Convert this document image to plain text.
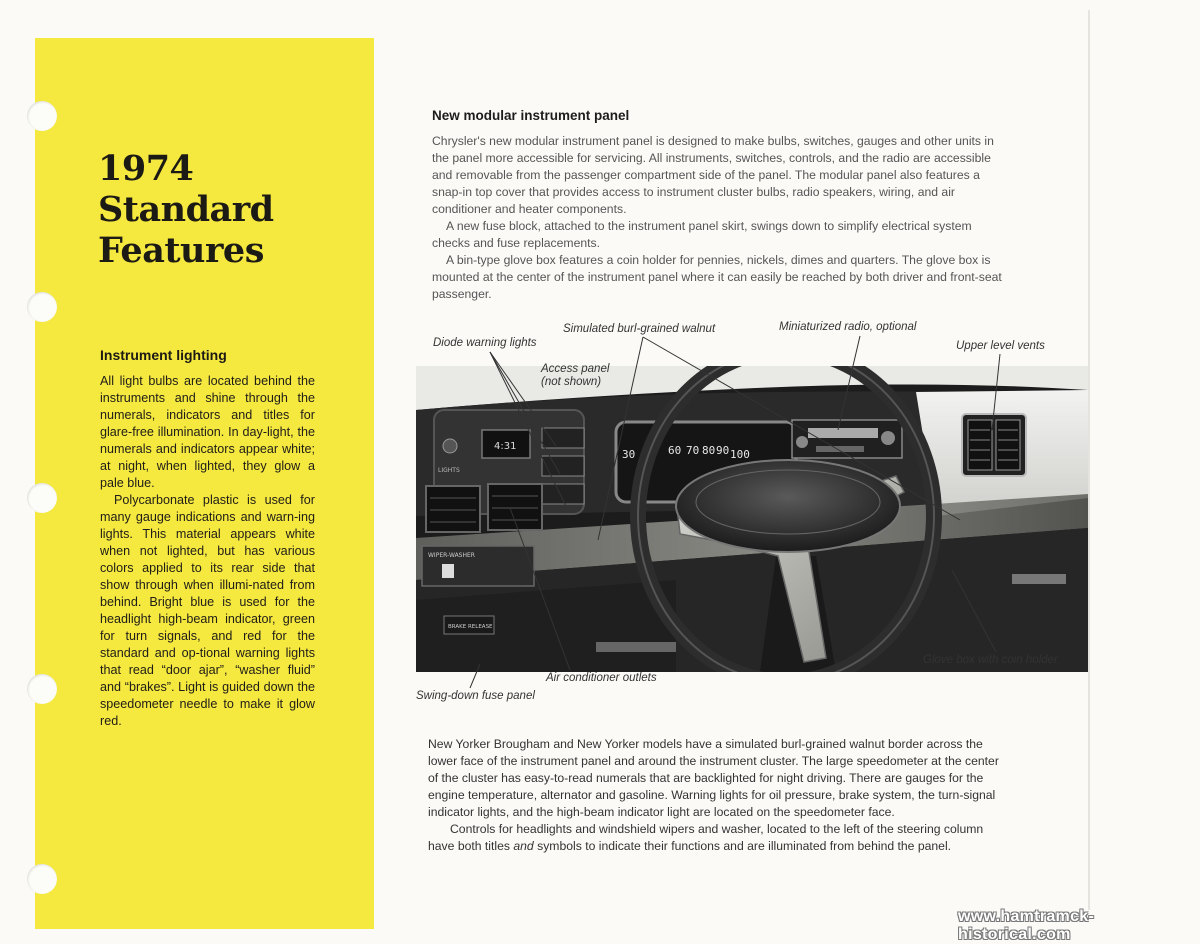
1974
Standard
Features
Instrument lighting

All light bulbs are located behind the instruments and shine through the numerals, indicators and titles for glare-free illumination. In day-light, the numerals and indicators appear white; at night, when lighted, they glow a pale blue.

Polycarbonate plastic is used for many gauge indications and warn-ing lights. This material appears white when not lighted, but has various colors applied to its rear side that show through when illumi-nated from behind. Bright blue is used for the headlight high-beam indicator, green for turn signals, and red for the standard and op-tional warning lights that read “door ajar”, “washer fluid” and “brakes”. Light is guided down the speedometer needle to make it glow red.

New modular instrument panel

Chrysler's new modular instrument panel is designed to make bulbs, switches, gauges and other units in the panel more accessible for servicing. All instruments, switches, controls, and the radio are accessible and removable from the passenger compartment side of the panel. The modular panel also features a snap-in top cover that provides access to instrument cluster bulbs, radio speakers, wiring, and air conditioner and heater components.

A new fuse block, attached to the instrument panel skirt, swings down to simplify electrical system checks and fuse replacements.

A bin-type glove box features a coin holder for pennies, nickels, dimes and quarters. The glove box is mounted at the center of the instrument panel where it can easily be reached by both driver and front-seat passenger.

4:31
LIGHTS
WIPER-WASHER
BRAKE RELEASE
30	60 70 80 90 100
Simulated burl-grained walnut	Miniaturized radio, optional
Diode warning lights	Upper level vents
Access panel
(not shown)
Glove box with coin holder
Air conditioner outlets
Swing-down fuse panel

New Yorker Brougham and New Yorker models have a simulated burl-grained walnut border across the lower face of the instrument panel and around the instrument cluster. The large speedometer at the center of the cluster has easy-to-read numerals that are backlighted for night driving. There are gauges for the engine temperature, alternator and gasoline. Warning lights for oil pressure, brake system, the turn-signal indicator lights, and the high-beam indicator light are located on the speedometer face.

Controls for headlights and windshield wipers and washer, located to the left of the steering column have both titles and symbols to indicate their functions and are illuminated from behind the panel.

www.hamtramck-historical.com
